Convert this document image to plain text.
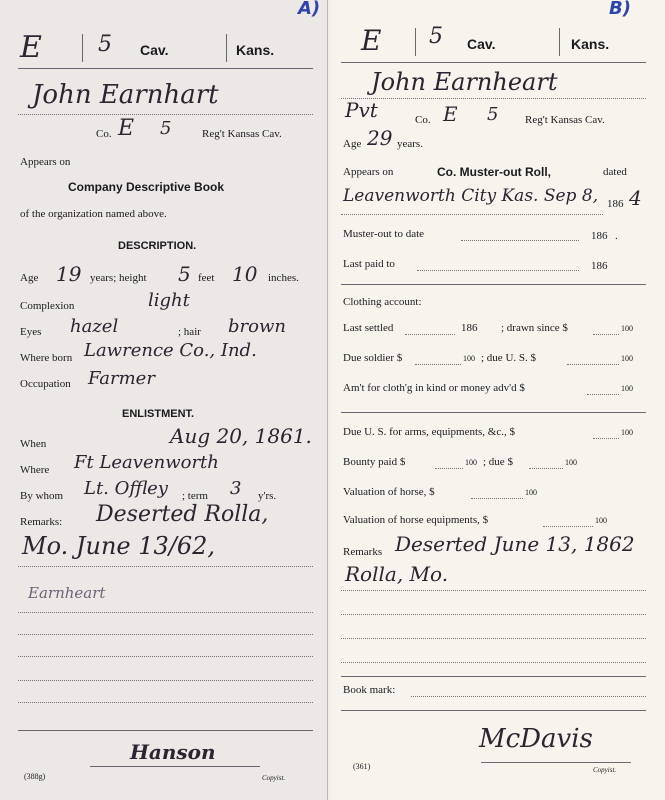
A)
E	5 Cav.	Kans.
John Earnhart
Co. E 5	Reg't Kansas Cav.
Appears on
Company Descriptive Book
of the organization named above.
DESCRIPTION.
Age 19 years; height 5 feet 10 inches.
Complexion	light
Eyes hazel	; hair brown
Where born Lawrence Co., Ind.
Occupation Farmer
ENLISTMENT.
When	Aug 20, 1861.
Where Ft Leavenworth
By whom Lt. Offley ; term 3 y'rs.
Remarks: Deserted Rolla,
Mo. June 13/62,
Earnheart
Hanson
(388g)	Copyist.
B)
E 5 Cav.	Kans.
John Earnheart
Pvt	Co. E 5 Reg't Kansas Cav.
Age 29 years.
Appears on	Co. Muster-out Roll,	dated
Leavenworth City Kas. Sep 8, 186 4
Muster-out to date	186 .
Last paid to	186
Clothing account:
Last settled	186 ; drawn since $	100
Due soldier $	100 ; due U. S. $	100
Am't for cloth'g in kind or money adv'd $	100
Due U. S. for arms, equipments, &c., $	100
Bounty paid $	100 ; due $	100
Valuation of horse, $	100
Valuation of horse equipments, $	100
Remarks Deserted June 13, 1862
Rolla, Mo.
Book mark:
McDavis
(361)	Copyist.
